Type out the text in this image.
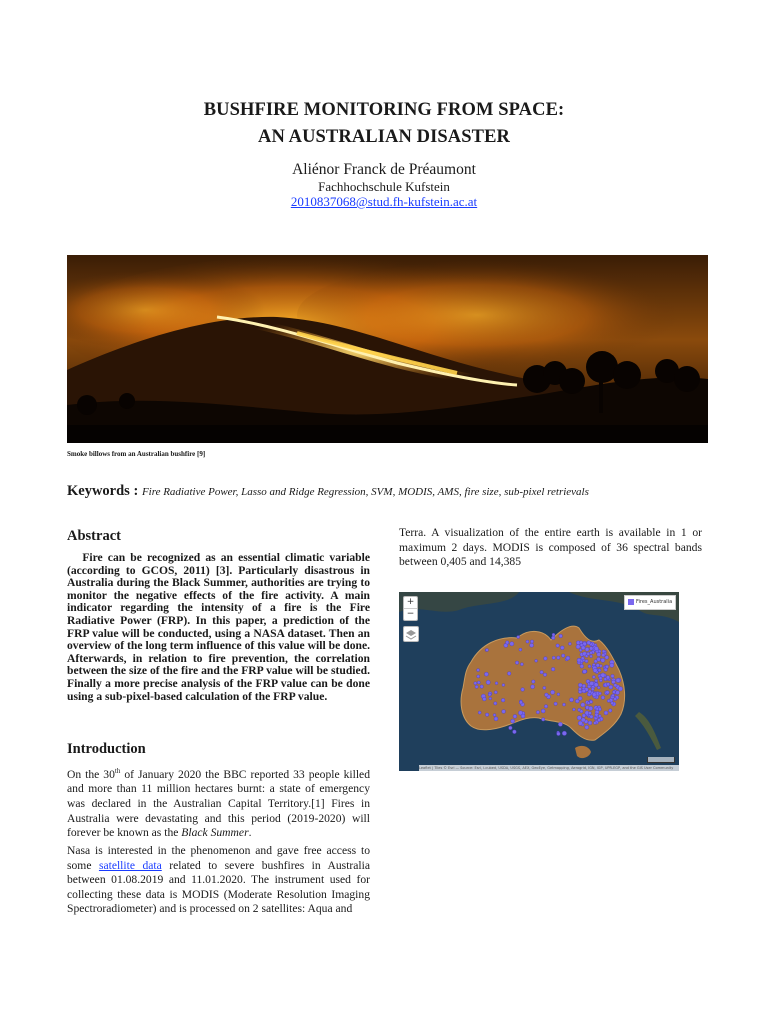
BUSHFIRE MONITORING FROM SPACE:
AN AUSTRALIAN DISASTER
Aliénor Franck de Préaumont
Fachhochschule Kufstein
2010837068@stud.fh-kufstein.ac.at
Smoke billows from an Australian bushfire [9]
Keywords : Fire Radiative Power, Lasso and Ridge Regression, SVM, MODIS, AMS, fire size, sub-pixel retrievals
Abstract
Fire can be recognized as an essential climatic variable (according to GCOS, 2011) [3]. Particularly disastrous in Australia during the Black Summer, authorities are trying to monitor the negative effects of the fire activity. A main indicator regarding the intensity of a fire is the Fire Radiative Power (FRP). In this paper, a prediction of the FRP value will be conducted, using a NASA dataset. Then an overview of the long term influence of this value will be done. Afterwards, in relation to fire prevention, the correlation between the size of the fire and the FRP value will be studied. Finally a more precise analysis of the FRP value can be done using a sub-pixel-based calculation of the FRP value.
Introduction
On the 30th of January 2020 the BBC reported 33 people killed and more than 11 million hectares burnt: a state of emergency was declared in the Australian Capital Territory.[1] Fires in Australia were devastating and this period (2019-2020) will forever be known as the Black Summer.
Nasa is interested in the phenomenon and gave free access to some satellite data related to severe bushfires in Australia between 01.08.2019 and 11.01.2020. The instrument used for collecting these data is MODIS (Moderate Resolution Imaging Spectroradiometer) and is processed on 2 satellites: Aqua and
Terra. A visualization of the entire earth is available in 1 or maximum 2 days. MODIS is composed of 36 spectral bands between 0,405 and 14,385
+
−
Fires_Australia
Leaflet | Tiles © Esri — Source: Esri, i-cubed, USDA, USGS, AEX, GeoEye, Getmapping, Aerogrid, IGN, IGP, UPR-EGP, and the GIS User Community
